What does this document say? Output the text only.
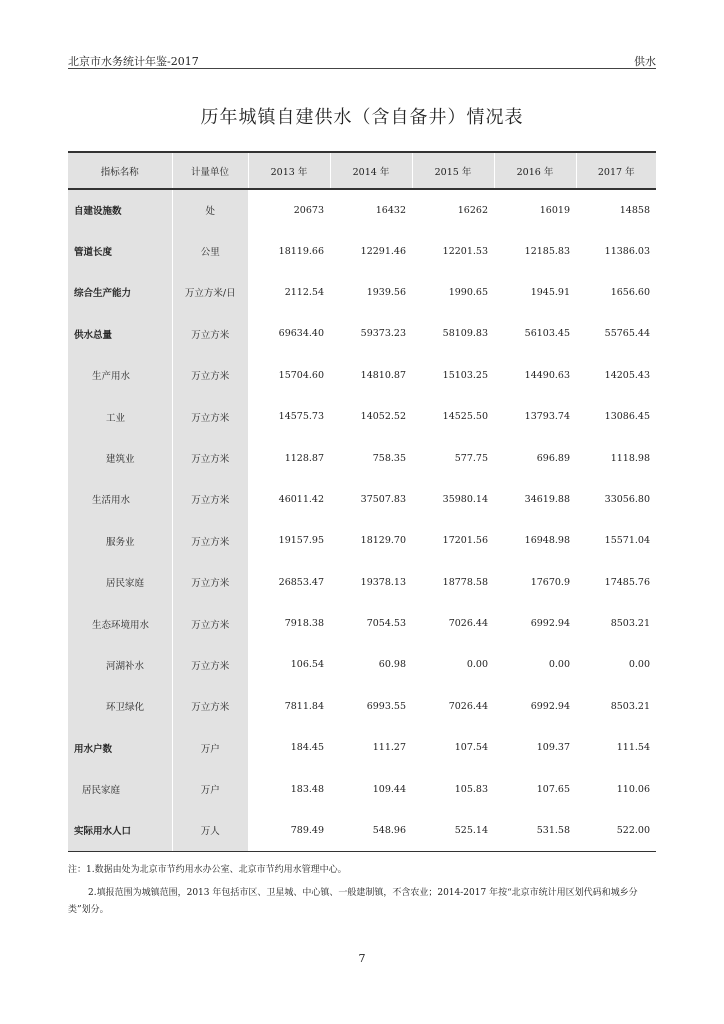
北京市水务统计年鉴-2017	供水
历年城镇自建供水（含自备井）情况表
指标名称	计量单位	2013 年	2014 年	2015 年	2016 年	2017 年
自建设施数	处	20673	16432	16262	16019	14858
管道长度	公里	18119.66	12291.46	12201.53	12185.83	11386.03
综合生产能力	万立方米/日	2112.54	1939.56	1990.65	1945.91	1656.60
供水总量	万立方米	69634.40	59373.23	58109.83	56103.45	55765.44
生产用水	万立方米	15704.60	14810.87	15103.25	14490.63	14205.43
工业	万立方米	14575.73	14052.52	14525.50	13793.74	13086.45
建筑业	万立方米	1128.87	758.35	577.75	696.89	1118.98
生活用水	万立方米	46011.42	37507.83	35980.14	34619.88	33056.80
服务业	万立方米	19157.95	18129.70	17201.56	16948.98	15571.04
居民家庭	万立方米	26853.47	19378.13	18778.58	17670.9	17485.76
生态环境用水	万立方米	7918.38	7054.53	7026.44	6992.94	8503.21
河湖补水	万立方米	106.54	60.98	0.00	0.00	0.00
环卫绿化	万立方米	7811.84	6993.55	7026.44	6992.94	8503.21
用水户数	万户	184.45	111.27	107.54	109.37	111.54
居民家庭	万户	183.48	109.44	105.83	107.65	110.06
实际用水人口	万人	789.49	548.96	525.14	531.58	522.00

注：1.数据由处为北京市节约用水办公室、北京市节约用水管理中心。

2.填报范围为城镇范围，2013 年包括市区、卫星城、中心镇、一般建制镇，不含农业；2014-2017 年按“北京市统计用区划代码和城乡分类”划分。

7
